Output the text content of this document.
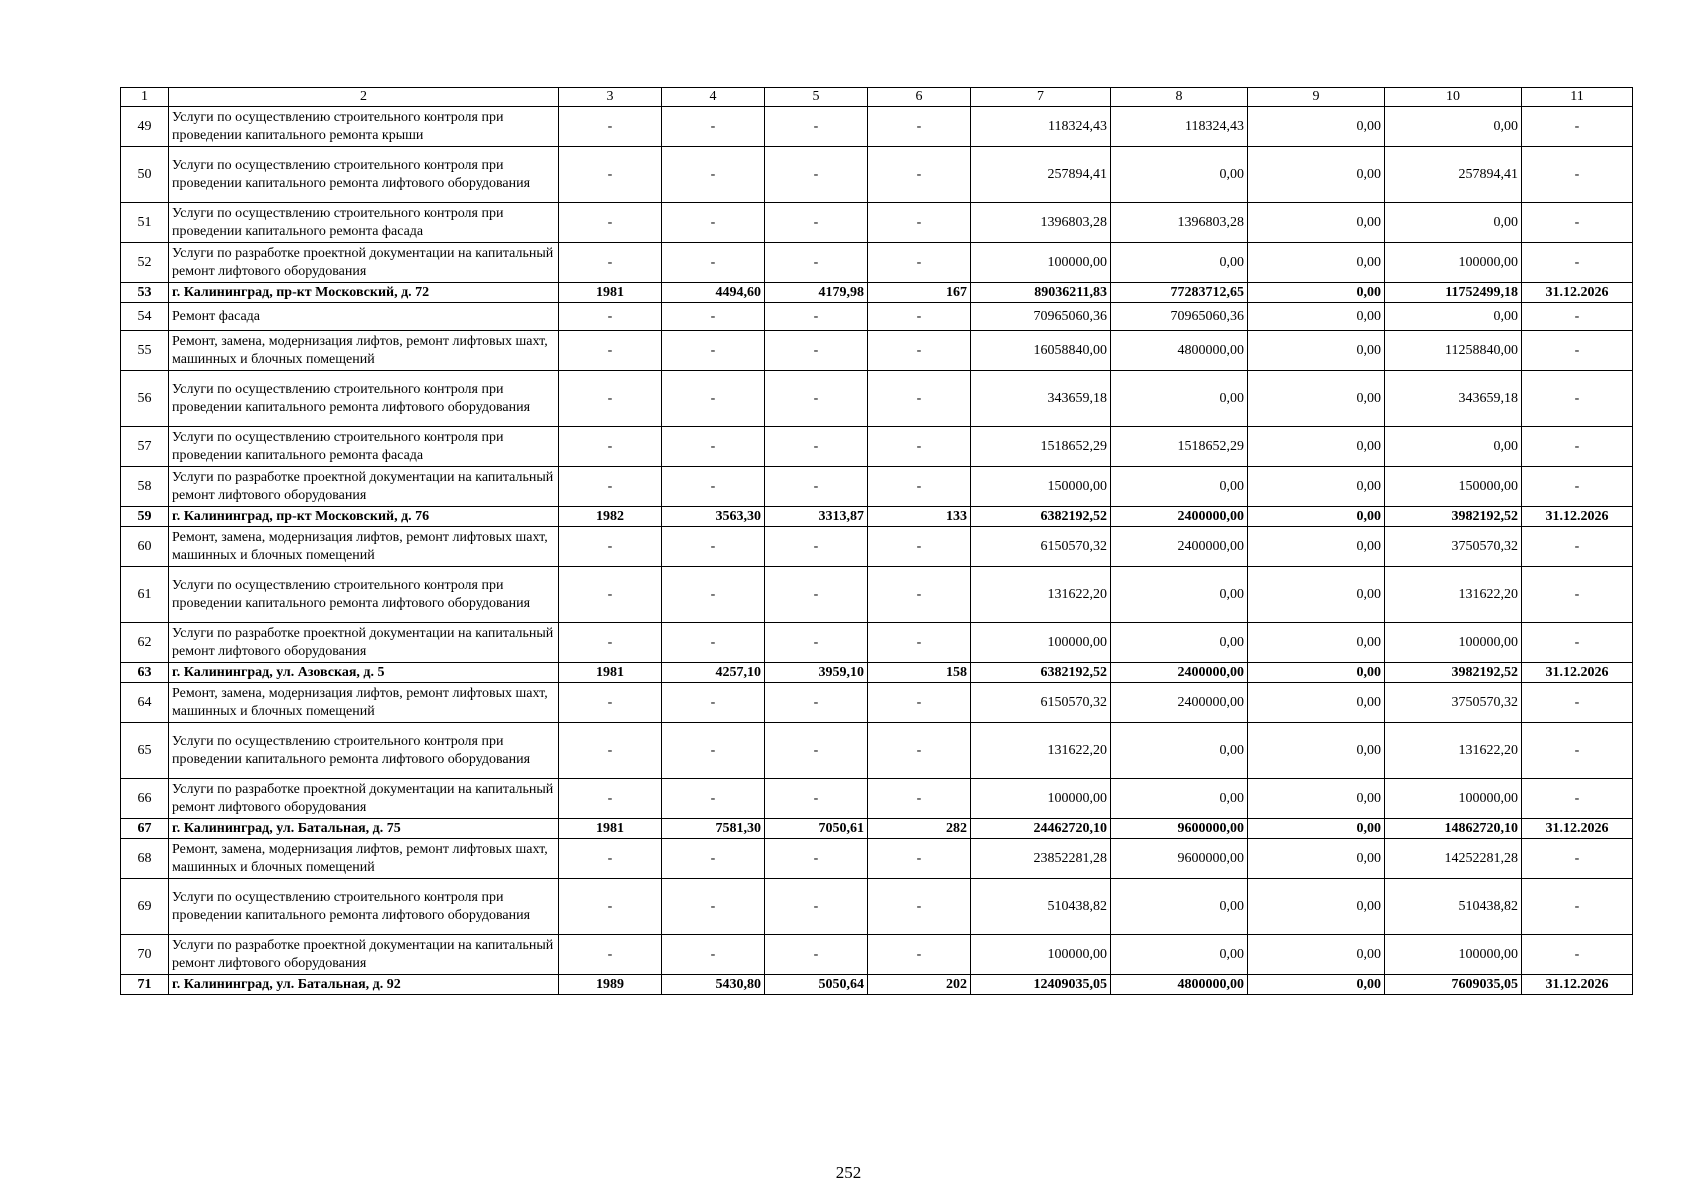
1	2	3	4	5	6	7	8	9	10	11
49	Услуги по осуществлению строительного контроля при проведении капитального ремонта крыши	-	-	-	-	118324,43	118324,43	0,00	0,00	-
50	Услуги по осуществлению строительного контроля при проведении капитального ремонта лифтового оборудования	-	-	-	-	257894,41	0,00	0,00	257894,41	-
51	Услуги по осуществлению строительного контроля при проведении капитального ремонта фасада	-	-	-	-	1396803,28	1396803,28	0,00	0,00	-
52	Услуги по разработке проектной документации на капитальный ремонт лифтового оборудования	-	-	-	-	100000,00	0,00	0,00	100000,00	-
53	г. Калининград, пр-кт Московский, д. 72	1981	4494,60	4179,98	167	89036211,83	77283712,65	0,00	11752499,18	31.12.2026
54	Ремонт фасада	-	-	-	-	70965060,36	70965060,36	0,00	0,00	-
55	Ремонт, замена, модернизация лифтов, ремонт лифтовых шахт, машинных и блочных помещений	-	-	-	-	16058840,00	4800000,00	0,00	11258840,00	-
56	Услуги по осуществлению строительного контроля при проведении капитального ремонта лифтового оборудования	-	-	-	-	343659,18	0,00	0,00	343659,18	-
57	Услуги по осуществлению строительного контроля при проведении капитального ремонта фасада	-	-	-	-	1518652,29	1518652,29	0,00	0,00	-
58	Услуги по разработке проектной документации на капитальный ремонт лифтового оборудования	-	-	-	-	150000,00	0,00	0,00	150000,00	-
59	г. Калининград, пр-кт Московский, д. 76	1982	3563,30	3313,87	133	6382192,52	2400000,00	0,00	3982192,52	31.12.2026
60	Ремонт, замена, модернизация лифтов, ремонт лифтовых шахт, машинных и блочных помещений	-	-	-	-	6150570,32	2400000,00	0,00	3750570,32	-
61	Услуги по осуществлению строительного контроля при проведении капитального ремонта лифтового оборудования	-	-	-	-	131622,20	0,00	0,00	131622,20	-
62	Услуги по разработке проектной документации на капитальный ремонт лифтового оборудования	-	-	-	-	100000,00	0,00	0,00	100000,00	-
63	г. Калининград, ул. Азовская, д. 5	1981	4257,10	3959,10	158	6382192,52	2400000,00	0,00	3982192,52	31.12.2026
64	Ремонт, замена, модернизация лифтов, ремонт лифтовых шахт, машинных и блочных помещений	-	-	-	-	6150570,32	2400000,00	0,00	3750570,32	-
65	Услуги по осуществлению строительного контроля при проведении капитального ремонта лифтового оборудования	-	-	-	-	131622,20	0,00	0,00	131622,20	-
66	Услуги по разработке проектной документации на капитальный ремонт лифтового оборудования	-	-	-	-	100000,00	0,00	0,00	100000,00	-
67	г. Калининград, ул. Батальная, д. 75	1981	7581,30	7050,61	282	24462720,10	9600000,00	0,00	14862720,10	31.12.2026
68	Ремонт, замена, модернизация лифтов, ремонт лифтовых шахт, машинных и блочных помещений	-	-	-	-	23852281,28	9600000,00	0,00	14252281,28	-
69	Услуги по осуществлению строительного контроля при проведении капитального ремонта лифтового оборудования	-	-	-	-	510438,82	0,00	0,00	510438,82	-
70	Услуги по разработке проектной документации на капитальный ремонт лифтового оборудования	-	-	-	-	100000,00	0,00	0,00	100000,00	-
71	г. Калининград, ул. Батальная, д. 92	1989	5430,80	5050,64	202	12409035,05	4800000,00	0,00	7609035,05	31.12.2026
252
